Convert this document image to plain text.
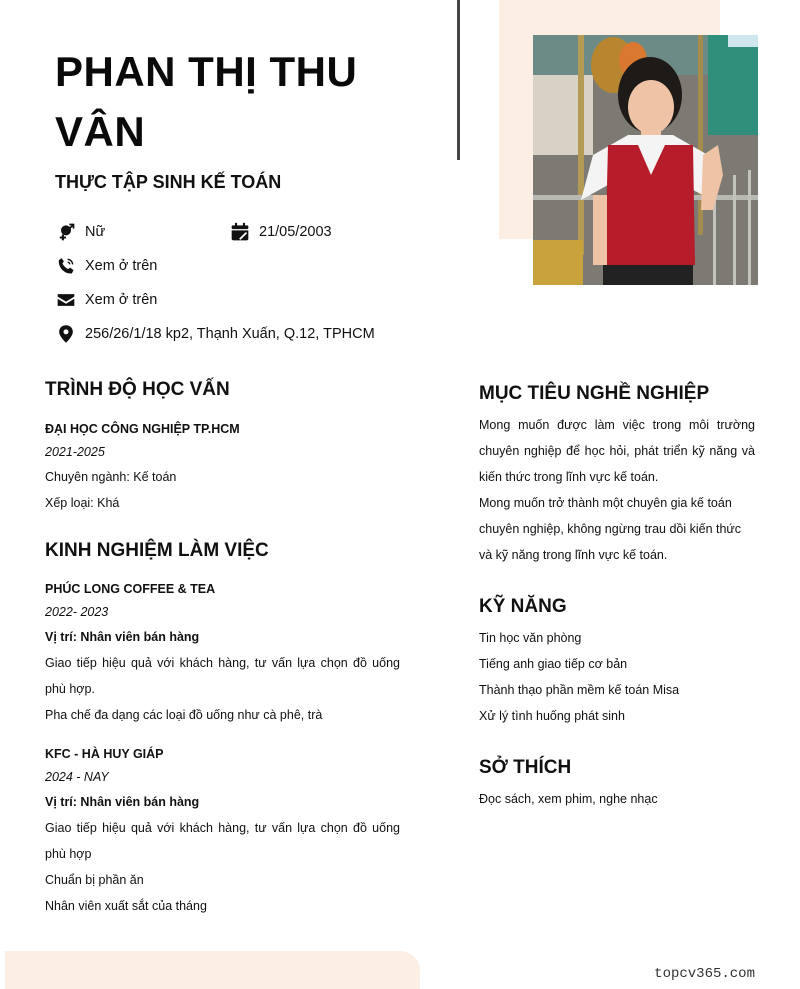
topcv365.com
PHAN THỊ THU VÂN
THỰC TẬP SINH KẾ TOÁN
Nữ	21/05/2003
Xem ở trên
Xem ở trên
256/26/1/18 kp2, Thạnh Xuấn, Q.12, TPHCM
TRÌNH ĐỘ HỌC VẤN
ĐẠI HỌC CÔNG NGHIỆP TP.HCM
2021-2025
Chuyên ngành: Kế toán
Xếp loại: Khá
KINH NGHIỆM LÀM VIỆC
PHÚC LONG COFFEE & TEA
2022- 2023
Vị trí: Nhân viên bán hàng
Giao tiếp hiệu quả với khách hàng, tư vấn lựa chọn đồ uống phù hợp.
Pha chế đa dạng các loại đồ uống như cà phê, trà
KFC - HÀ HUY GIÁP
2024 - NAY
Vị trí: Nhân viên bán hàng
Giao tiếp hiệu quả với khách hàng, tư vấn lựa chọn đồ uống phù hợp
Chuẩn bị phần ăn
Nhân viên xuất sắt của tháng
MỤC TIÊU NGHỀ NGHIỆP

Mong muốn được làm việc trong môi trường chuyên nghiệp để học hỏi, phát triển kỹ năng và kiến thức trong lĩnh vực kế toán.

Mong muốn trở thành một chuyên gia kế toán chuyên nghiệp, không ngừng trau dồi kiến thức và kỹ năng trong lĩnh vực kế toán.

KỸ NĂNG

Tin học văn phòng

Tiếng anh giao tiếp cơ bản

Thành thạo phần mềm kế toán Misa

Xử lý tình huống phát sinh

SỞ THÍCH

Đọc sách, xem phim, nghe nhạc
